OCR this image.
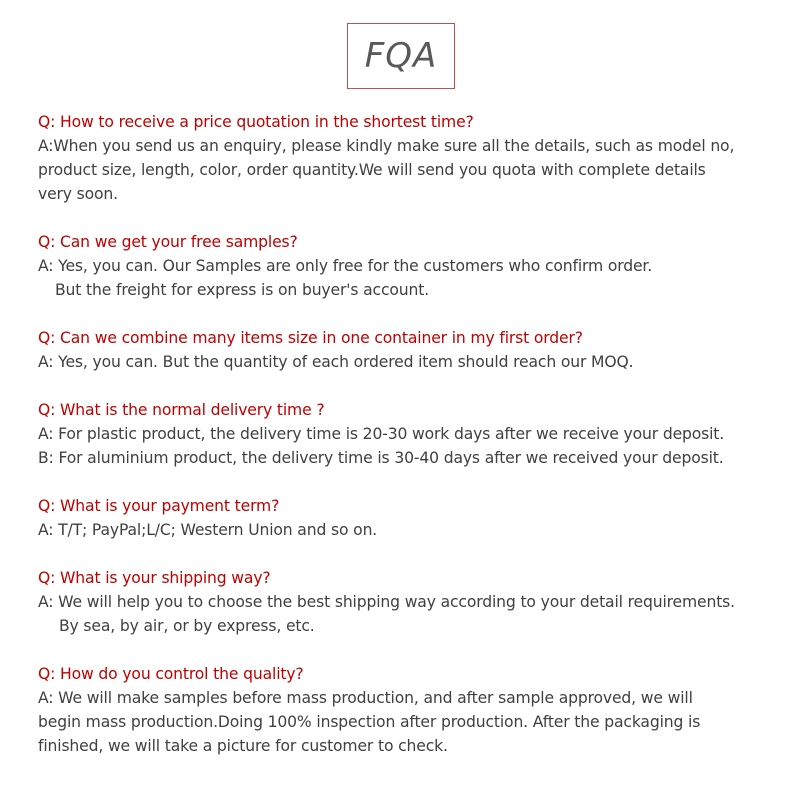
FQA
Q: How to receive a price quotation in the shortest time?
A:When you send us an enquiry, please kindly make sure all the details, such as model no,
product size, length, color, order quantity.We will send you quota with complete details
very soon.
Q: Can we get your free samples?
A: Yes, you can. Our Samples are only free for the customers who confirm order.
But the freight for express is on buyer's account.
Q: Can we combine many items size in one container in my first order?
A: Yes, you can. But the quantity of each ordered item should reach our MOQ.
Q: What is the normal delivery time ?
A: For plastic product, the delivery time is 20-30 work days after we receive your deposit.
B: For aluminium product, the delivery time is 30-40 days after we received your deposit.
Q: What is your payment term?
A: T/T; PayPal;L/C; Western Union and so on.
Q: What is your shipping way?
A: We will help you to choose the best shipping way according to your detail requirements.
By sea, by air, or by express, etc.
Q: How do you control the quality?
A: We will make samples before mass production, and after sample approved, we will
begin mass production.Doing 100% inspection after production. After the packaging is
finished, we will take a picture for customer to check.
